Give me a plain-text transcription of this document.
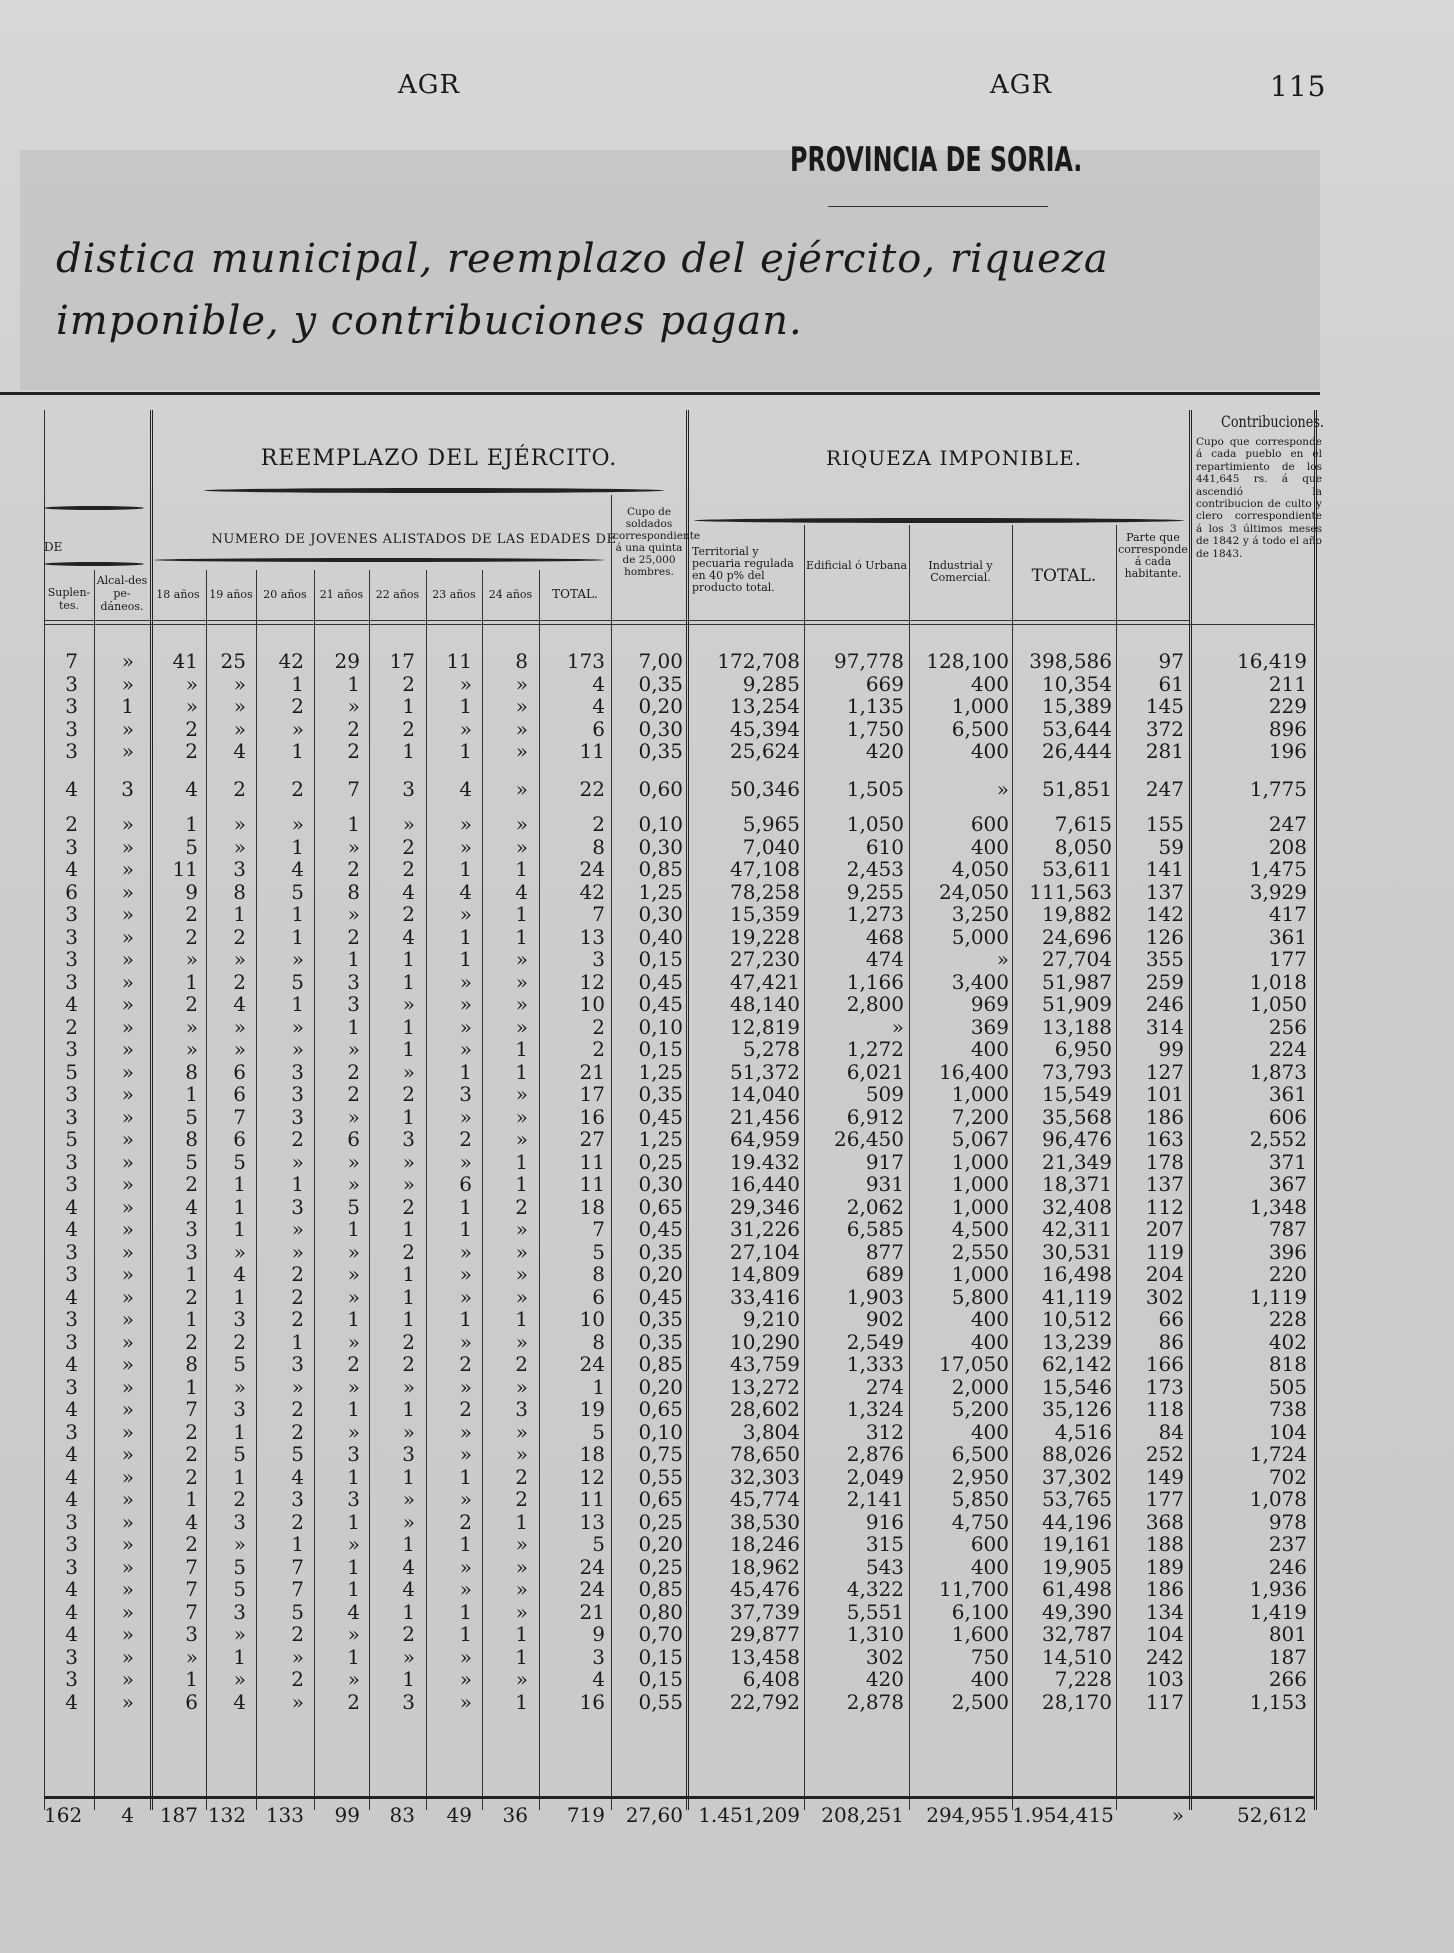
AGR	AGR	115
PROVINCIA DE SORIA.
distica municipal, reemplazo del ejército, riqueza imponible, y contribuciones pagan.
REEMPLAZO DEL EJÉRCITO.	RIQUEZA IMPONIBLE.
Contribuciones.
Cupo que corresponde á cada pueblo en el repartimiento de los 441,645 rs. á que ascendió la contribucion de culto y clero correspondiente á los 3 últimos meses de 1842 y á todo el año de 1843.
DE	NUMERO DE JOVENES ALISTADOS DE LAS EDADES DE
Suplen-tes.
Alcal-des pe-dáneos.
18 años 19 años 20 años	21 años	22 años	23 años	24 años	TOTAL.
Cupo de soldados correspondiente á una quinta de 25,000 hombres.
Territorial y pecuaria regulada en 40 p% del producto total.
Edificial ó Urbana	Industrial y Comercial.	TOTAL.
Parte que corresponde á cada habitante.
7	»	41	25	42	29	17	11	8	173	7,00	172,708	97,778	128,100	398,586	97	16,419
3	»	»	»	1	1	2	»	»	4	0,35	9,285	669	400	10,354	61	211
3	1	»	»	2	»	1	1	»	4	0,20	13,254	1,135	1,000	15,389	145	229
3	»	2	»	»	2	2	»	»	6	0,30	45,394	1,750	6,500	53,644	372	896
3	»	2	4	1	2	1	1	»	11	0,35	25,624	420	400	26,444	281	196
4	3	4	2	2	7	3	4	»	22	0,60	50,346	1,505	»	51,851	247	1,775
2	»	1	»	»	1	»	»	»	2	0,10	5,965	1,050	600	7,615	155	247
3	»	5	»	1	»	2	»	»	8	0,30	7,040	610	400	8,050	59	208
4	»	11	3	4	2	2	1	1	24	0,85	47,108	2,453	4,050	53,611	141	1,475
6	»	9	8	5	8	4	4	4	42	1,25	78,258	9,255	24,050	111,563	137	3,929
3	»	2	1	1	»	2	»	1	7	0,30	15,359	1,273	3,250	19,882	142	417
3	»	2	2	1	2	4	1	1	13	0,40	19,228	468	5,000	24,696	126	361
3	»	»	»	»	1	1	1	»	3	0,15	27,230	474	»	27,704	355	177
3	»	1	2	5	3	1	»	»	12	0,45	47,421	1,166	3,400	51,987	259	1,018
4	»	2	4	1	3	»	»	»	10	0,45	48,140	2,800	969	51,909	246	1,050
2	»	»	»	»	1	1	»	»	2	0,10	12,819	»	369	13,188	314	256
3	»	»	»	»	»	1	»	1	2	0,15	5,278	1,272	400	6,950	99	224
5	»	8	6	3	2	»	1	1	21	1,25	51,372	6,021	16,400	73,793	127	1,873
3	»	1	6	3	2	2	3	»	17	0,35	14,040	509	1,000	15,549	101	361
3	»	5	7	3	»	1	»	»	16	0,45	21,456	6,912	7,200	35,568	186	606
5	»	8	6	2	6	3	2	»	27	1,25	64,959	26,450	5,067	96,476	163	2,552
3	»	5	5	»	»	»	»	1	11	0,25	19.432	917	1,000	21,349	178	371
3	»	2	1	1	»	»	6	1	11	0,30	16,440	931	1,000	18,371	137	367
4	»	4	1	3	5	2	1	2	18	0,65	29,346	2,062	1,000	32,408	112	1,348
4	»	3	1	»	1	1	1	»	7	0,45	31,226	6,585	4,500	42,311	207	787
3	»	3	»	»	»	2	»	»	5	0,35	27,104	877	2,550	30,531	119	396
3	»	1	4	2	»	1	»	»	8	0,20	14,809	689	1,000	16,498	204	220
4	»	2	1	2	»	1	»	»	6	0,45	33,416	1,903	5,800	41,119	302	1,119
3	»	1	3	2	1	1	1	1	10	0,35	9,210	902	400	10,512	66	228
3	»	2	2	1	»	2	»	»	8	0,35	10,290	2,549	400	13,239	86	402
4	»	8	5	3	2	2	2	2	24	0,85	43,759	1,333	17,050	62,142	166	818
3	»	1	»	»	»	»	»	»	1	0,20	13,272	274	2,000	15,546	173	505
4	»	7	3	2	1	1	2	3	19	0,65	28,602	1,324	5,200	35,126	118	738
3	»	2	1	2	»	»	»	»	5	0,10	3,804	312	400	4,516	84	104
4	»	2	5	5	3	3	»	»	18	0,75	78,650	2,876	6,500	88,026	252	1,724
4	»	2	1	4	1	1	1	2	12	0,55	32,303	2,049	2,950	37,302	149	702
4	»	1	2	3	3	»	»	2	11	0,65	45,774	2,141	5,850	53,765	177	1,078
3	»	4	3	2	1	»	2	1	13	0,25	38,530	916	4,750	44,196	368	978
3	»	2	»	1	»	1	1	»	5	0,20	18,246	315	600	19,161	188	237
3	»	7	5	7	1	4	»	»	24	0,25	18,962	543	400	19,905	189	246
4	»	7	5	7	1	4	»	»	24	0,85	45,476	4,322	11,700	61,498	186	1,936
4	»	7	3	5	4	1	1	»	21	0,80	37,739	5,551	6,100	49,390	134	1,419
4	»	3	»	2	»	2	1	1	9	0,70	29,877	1,310	1,600	32,787	104	801
3	»	»	1	»	1	»	»	1	3	0,15	13,458	302	750	14,510	242	187
3	»	1	»	2	»	1	»	»	4	0,15	6,408	420	400	7,228	103	266
4	»	6	4	»	2	3	»	1	16	0,55	22,792	2,878	2,500	28,170	117	1,153
162	4	187 132 133	99	83	49	36	719	27,60 1.451,209	208,251	294,955 1.954,415	»	52,612
